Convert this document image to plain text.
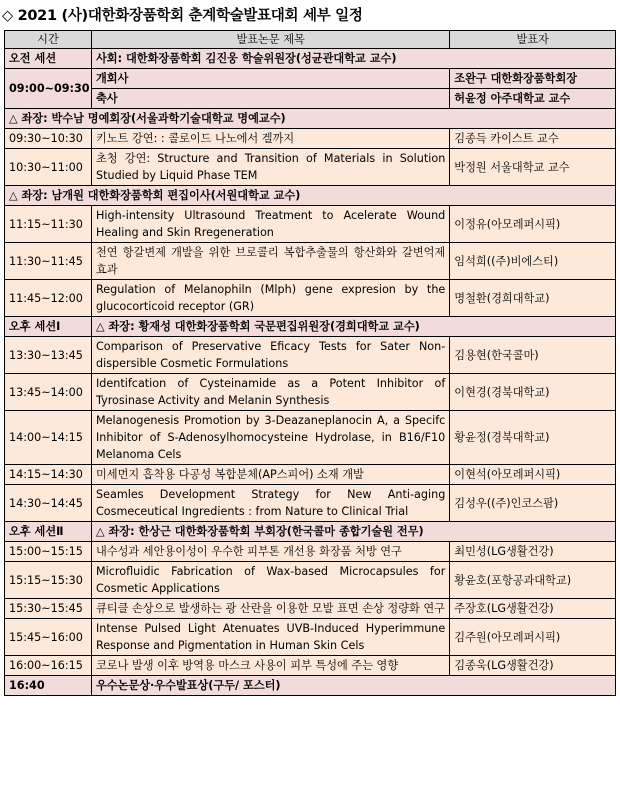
◇ 2021 (사)대한화장품학회 춘계학술발표대회 세부 일정
시간	발표논문 제목	발표자
오전 세션	사회: 대한화장품학회 김진웅 학술위원장(성균관대학교 교수)	
09:00~09:30	개회사	조완구 대한화장품학회장
	축사	허윤정 아주대학교 교수
△ 좌장: 박수남 명예회장(서울과학기술대학교 명예교수)		
09:30~10:30	키노트 강연: : 콜로이드 나노에서 겔까지	김종득 카이스트 교수
10:30~11:00	초청 강연: Structure and Transition of Materials in Solution Studied by Liquid Phase TEM	박정원 서울대학교 교수
△ 좌장: 남개원 대한화장품학회 편집이사(서원대학교 교수)		
11:15~11:30	High-intensity Ultrasound Treatment to Acelerate Wound Healing and Skin Rregeneration	이정유(아모레퍼시픽)
11:30~11:45	천연 항갈변제 개발을 위한 브로콜리 복합추출물의 항산화와 갈변억제 효과	임석희((주)비에스티)
11:45~12:00	Regulation of Melanophiln (Mlph) gene expresion by the glucocorticoid receptor (GR)	명철환(경희대학교)
오후 세션Ⅰ	△ 좌장: 황재성 대한화장품학회 국문편집위원장(경희대학교 교수)	
13:30~13:45	Comparison of Preservative Eficacy Tests for Sater Non-dispersible Cosmetic Formulations	김용현(한국콜마)
13:45~14:00	Identifcation of Cysteinamide as a Potent Inhibitor of Tyrosinase Activity and Melanin Synthesis	이현경(경북대학교)
14:00~14:15	Melanogenesis Promotion by 3-Deazaneplanocin A, a Specifc Inhibitor of S-Adenosylhomocysteine Hydrolase, in B16/F10 Melanoma Cels	황윤정(경북대학교)
14:15~14:30	미세먼지 흡착용 다공성 복합분체(AP스피어) 소재 개발	이현석(아모레퍼시픽)
14:30~14:45	Seamles Development Strategy for New Anti-aging Cosmeceutical Ingredients : from Nature to Clinical Trial	김성우((주)인코스팜)
오후 세션Ⅱ	△ 좌장: 한상근 대한화장품학회 부회장(한국콜마 종합기술원 전무)	
15:00~15:15	내수성과 세안용이성이 우수한 피부톤 개선용 화장품 처방 연구	최민성(LG생활건강)
15:15~15:30	Microfluidic Fabrication of Wax-based Microcapsules for Cosmetic Applications	황윤호(포항공과대학교)
15:30~15:45	큐티클 손상으로 발생하는 광 산란을 이용한 모발 표면 손상 정량화 연구	주장호(LG생활건강)
15:45~16:00	Intense Pulsed Light Atenuates UVB-Induced Hyperimmune Response and Pigmentation in Human Skin Cels	김주원(아모레퍼시픽)
16:00~16:15	코로나 발생 이후 방역용 마스크 사용이 피부 특성에 주는 영향	김종욱(LG생활건강)
16:40	우수논문상·우수발표상(구두/ 포스터)	
